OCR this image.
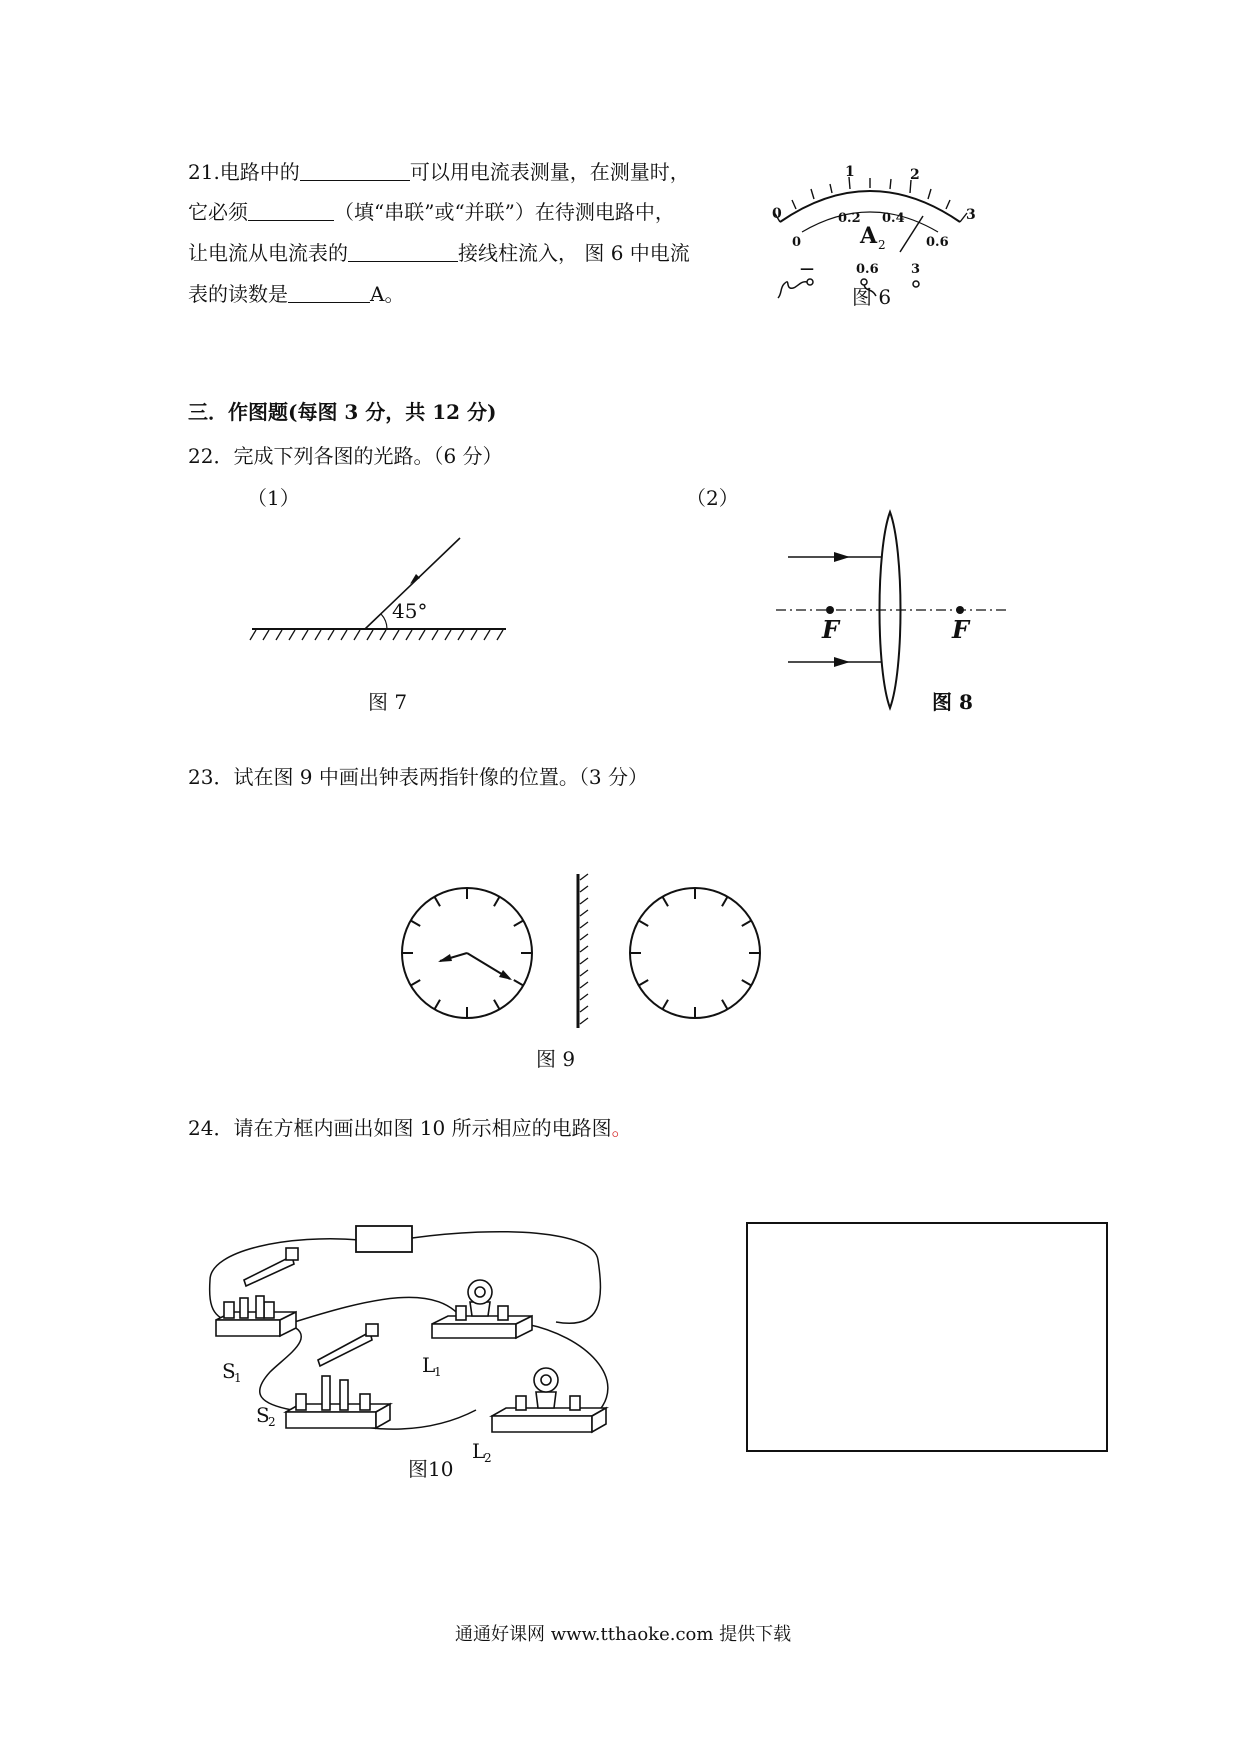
21.电路中的	可以用电流表测量，在测量时，
它必须	（填“串联”或“并联”）在待测电路中，
让电流从电流表的	接线柱流入， 图 6 中电流
表的读数是	A。
0
1	2
3
0
0.2 0.4
0.6
A 2
—	0.6 3
图 6
三．作图题(每图 3 分，共 12 分)
22．完成下列各图的光路。（6 分）
（1）	（2）
45°
图 7
F	F
图 8
23．试在图 9 中画出钟表两指针像的位置。（3 分）
图 9
24．请在方框内画出如图 10 所示相应的电路图。
S
1
L
1
S
2
L
2
图10
通通好课网 www.tthaoke.com 提供下载
